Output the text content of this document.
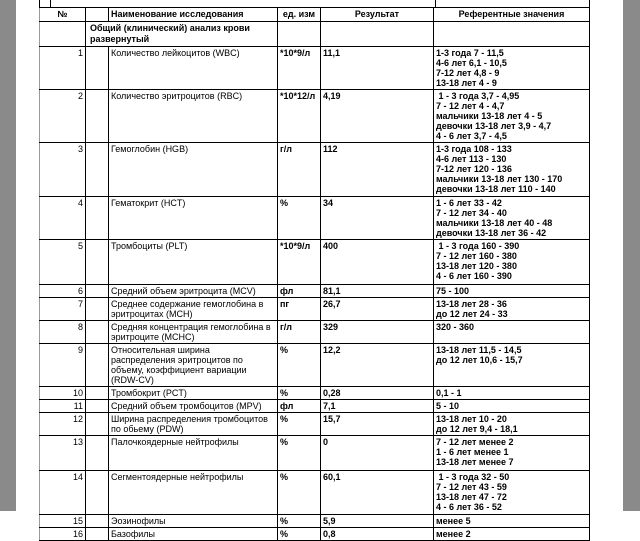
№		Наименование исследования	ед. изм	Результат	Референтные значения
	Общий (клинический) анализ крови развернутый				
1		Количество лейкоцитов (WBC)	*10*9/л	11,1	1-3 года 7 - 11,5
4-6 лет 6,1 - 10,5
7-12 лет 4,8 - 9
13-18 лет 4 - 9

2		Количество эритроцитов (RBC)	*10*12/л	4,19	1 - 3 года 3,7 - 4,95
7 - 12 лет 4 - 4,7
мальчики 13-18 лет 4 - 5
девочки 13-18 лет 3,9 - 4,7
4 - 6 лет 3,7 - 4,5

3		Гемоглобин (HGB)	г/л	112	1-3 года 108 - 133
4-6 лет 113 - 130
7-12 лет 120 - 136
мальчики 13-18 лет 130 - 170
девочки 13-18 лет 110 - 140

4		Гематокрит (HCT)	%	34	1 - 6 лет 33 - 42
7 - 12 лет 34 - 40
мальчики 13-18 лет 40 - 48
девочки 13-18 лет 36 - 42

5		Тромбоциты (PLT)	*10*9/л	400	1 - 3 года 160 - 390
7 - 12 лет 160 - 380
13-18 лет 120 - 380
4 - 6 лет 160 - 390

6		Средний объем эритроцита (MCV)	фл	81,1	75 - 100

7		Среднее содержание гемоглобина в эритроцитах (MCH)	пг	26,7	13-18 лет 28 - 36
до 12 лет 24 - 33

8		Средняя концентрация гемоглобина в эритроците (MCHC)	г/л	329	320 - 360

9		Относительная ширина распределения эритроцитов по объему, коэффициент вариации (RDW-CV)	%	12,2	13-18 лет 11,5 - 14,5
до 12 лет 10,6 - 15,7

10		Тромбокрит (PCT)	%	0,28	0,1 - 1

11		Средний объем тромбоцитов (MPV)	фл	7,1	5 - 10

12		Ширина распределения тромбоцитов по обьему (PDW)	%	15,7	13-18 лет 10 - 20
до 12 лет 9,4 - 18,1

13		Палочкоядерные нейтрофилы	%	0	7 - 12 лет менее 2
1 - 6 лет менее 1
13-18 лет менее 7

14		Сегментоядерные нейтрофилы	%	60,1	1 - 3 года 32 - 50
7 - 12 лет 43 - 59
13-18 лет 47 - 72
4 - 6 лет 36 - 52

15		Эозинофилы	%	5,9	менее 5

16		Базофилы	%	0,8	менее 2
